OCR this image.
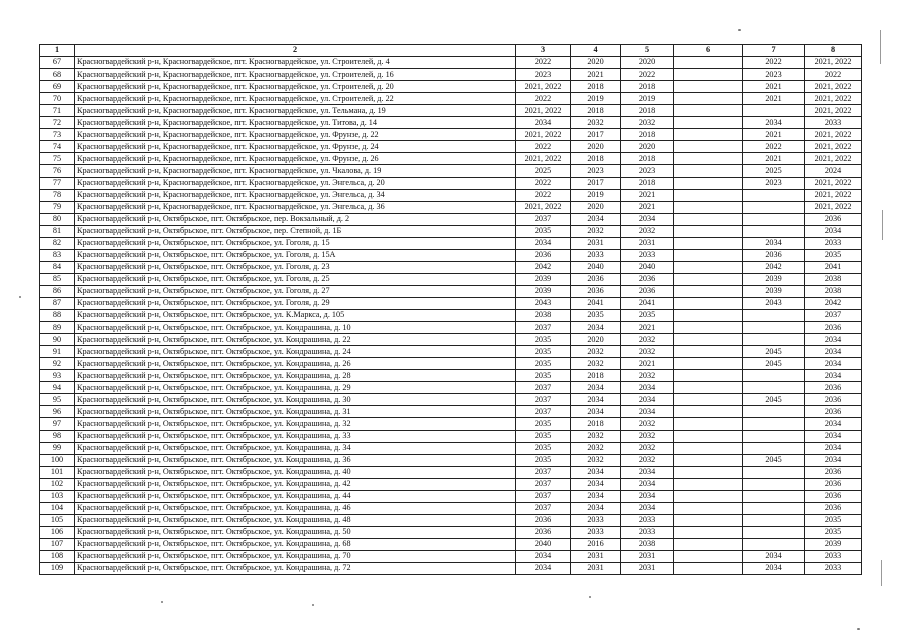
1	2	3	4	5	6	7	8
67	Красногвардейский р-н, Красногвардейское, пгт. Красногвардейское, ул. Строителей, д. 4	2022	2020	2020		2022	2021, 2022
68	Красногвардейский р-н, Красногвардейское, пгт. Красногвардейское, ул. Строителей, д. 16	2023	2021	2022		2023	2022
69	Красногвардейский р-н, Красногвардейское, пгт. Красногвардейское, ул. Строителей, д. 20	2021, 2022	2018	2018		2021	2021, 2022
70	Красногвардейский р-н, Красногвардейское, пгт. Красногвардейское, ул. Строителей, д. 22	2022	2019	2019		2021	2021, 2022
71	Красногвардейский р-н, Красногвардейское, пгт. Красногвардейское, ул. Тельмана, д. 19	2021, 2022	2018	2018			2021, 2022
72	Красногвардейский р-н, Красногвардейское, пгт. Красногвардейское, ул. Титова, д. 14	2034	2032	2032		2034	2033
73	Красногвардейский р-н, Красногвардейское, пгт. Красногвардейское, ул. Фрунзе, д. 22	2021, 2022	2017	2018		2021	2021, 2022
74	Красногвардейский р-н, Красногвардейское, пгт. Красногвардейское, ул. Фрунзе, д. 24	2022	2020	2020		2022	2021, 2022
75	Красногвардейский р-н, Красногвардейское, пгт. Красногвардейское, ул. Фрунзе, д. 26	2021, 2022	2018	2018		2021	2021, 2022
76	Красногвардейский р-н, Красногвардейское, пгт. Красногвардейское, ул. Чкалова, д. 19	2025	2023	2023		2025	2024
77	Красногвардейский р-н, Красногвардейское, пгт. Красногвардейское, ул. Энгельса, д. 20	2022	2017	2018		2023	2021, 2022
78	Красногвардейский р-н, Красногвардейское, пгт. Красногвардейское, ул. Энгельса, д. 34	2022	2019	2021			2021, 2022
79	Красногвардейский р-н, Красногвардейское, пгт. Красногвардейское, ул. Энгельса, д. 36	2021, 2022	2020	2021			2021, 2022
80	Красногвардейский р-н, Октябрьское, пгт. Октябрьское, пер. Вокзальный, д. 2	2037	2034	2034			2036
81	Красногвардейский р-н, Октябрьское, пгт. Октябрьское, пер. Степной, д. 1Б	2035	2032	2032			2034
82	Красногвардейский р-н, Октябрьское, пгт. Октябрьское, ул. Гоголя, д. 15	2034	2031	2031		2034	2033
83	Красногвардейский р-н, Октябрьское, пгт. Октябрьское, ул. Гоголя, д. 15А	2036	2033	2033		2036	2035
84	Красногвардейский р-н, Октябрьское, пгт. Октябрьское, ул. Гоголя, д. 23	2042	2040	2040		2042	2041
85	Красногвардейский р-н, Октябрьское, пгт. Октябрьское, ул. Гоголя, д. 25	2039	2036	2036		2039	2038
86	Красногвардейский р-н, Октябрьское, пгт. Октябрьское, ул. Гоголя, д. 27	2039	2036	2036		2039	2038
87	Красногвардейский р-н, Октябрьское, пгт. Октябрьское, ул. Гоголя, д. 29	2043	2041	2041		2043	2042
88	Красногвардейский р-н, Октябрьское, пгт. Октябрьское, ул. К.Маркса, д. 105	2038	2035	2035			2037
89	Красногвардейский р-н, Октябрьское, пгт. Октябрьское, ул. Кондрашина, д. 10	2037	2034	2021			2036
90	Красногвардейский р-н, Октябрьское, пгт. Октябрьское, ул. Кондрашина, д. 22	2035	2020	2032			2034
91	Красногвардейский р-н, Октябрьское, пгт. Октябрьское, ул. Кондрашина, д. 24	2035	2032	2032		2045	2034
92	Красногвардейский р-н, Октябрьское, пгт. Октябрьское, ул. Кондрашина, д. 26	2035	2032	2021		2045	2034
93	Красногвардейский р-н, Октябрьское, пгт. Октябрьское, ул. Кондрашина, д. 28	2035	2018	2032			2034
94	Красногвардейский р-н, Октябрьское, пгт. Октябрьское, ул. Кондрашина, д. 29	2037	2034	2034			2036
95	Красногвардейский р-н, Октябрьское, пгт. Октябрьское, ул. Кондрашина, д. 30	2037	2034	2034		2045	2036
96	Красногвардейский р-н, Октябрьское, пгт. Октябрьское, ул. Кондрашина, д. 31	2037	2034	2034			2036
97	Красногвардейский р-н, Октябрьское, пгт. Октябрьское, ул. Кондрашина, д. 32	2035	2018	2032			2034
98	Красногвардейский р-н, Октябрьское, пгт. Октябрьское, ул. Кондрашина, д. 33	2035	2032	2032			2034
99	Красногвардейский р-н, Октябрьское, пгт. Октябрьское, ул. Кондрашина, д. 34	2035	2032	2032			2034
100	Красногвардейский р-н, Октябрьское, пгт. Октябрьское, ул. Кондрашина, д. 36	2035	2032	2032		2045	2034
101	Красногвардейский р-н, Октябрьское, пгт. Октябрьское, ул. Кондрашина, д. 40	2037	2034	2034			2036
102	Красногвардейский р-н, Октябрьское, пгт. Октябрьское, ул. Кондрашина, д. 42	2037	2034	2034			2036
103	Красногвардейский р-н, Октябрьское, пгт. Октябрьское, ул. Кондрашина, д. 44	2037	2034	2034			2036
104	Красногвардейский р-н, Октябрьское, пгт. Октябрьское, ул. Кондрашина, д. 46	2037	2034	2034			2036
105	Красногвардейский р-н, Октябрьское, пгт. Октябрьское, ул. Кондрашина, д. 48	2036	2033	2033			2035
106	Красногвардейский р-н, Октябрьское, пгт. Октябрьское, ул. Кондрашина, д. 50	2036	2033	2033			2035
107	Красногвардейский р-н, Октябрьское, пгт. Октябрьское, ул. Кондрашина, д. 68	2040	2016	2038			2039
108	Красногвардейский р-н, Октябрьское, пгт. Октябрьское, ул. Кондрашина, д. 70	2034	2031	2031		2034	2033
109	Красногвардейский р-н, Октябрьское, пгт. Октябрьское, ул. Кондрашина, д. 72	2034	2031	2031		2034	2033
